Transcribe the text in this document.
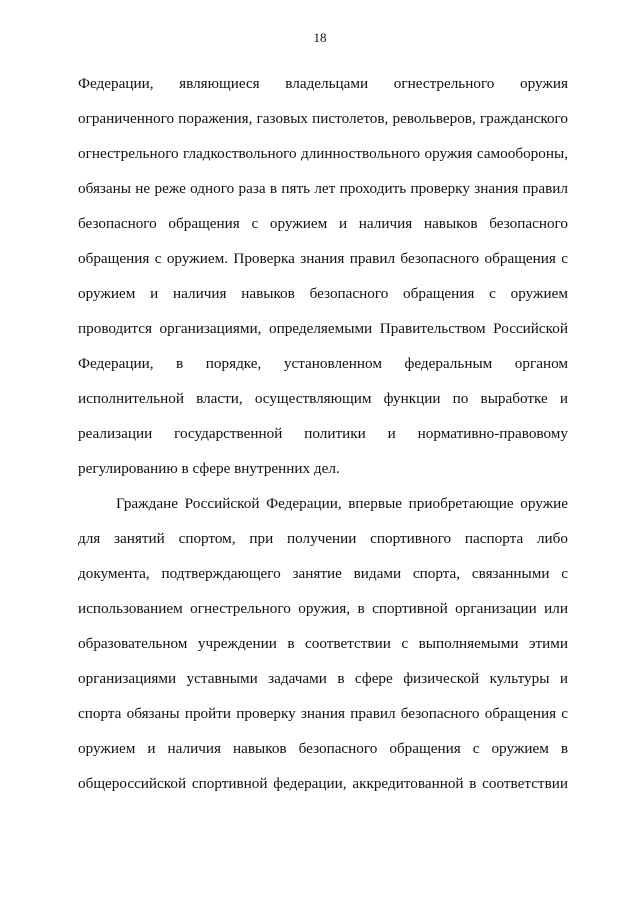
18
Федерации, являющиеся владельцами огнестрельного оружия
ограниченного поражения, газовых пистолетов, револьверов, гражданского
огнестрельного гладкоствольного длинноствольного оружия самообороны,
обязаны не реже одного раза в пять лет проходить проверку знания правил
безопасного обращения с оружием и наличия навыков безопасного
обращения с оружием. Проверка знания правил безопасного обращения с
оружием и наличия навыков безопасного обращения с оружием
проводится организациями, определяемыми Правительством Российской
Федерации, в порядке, установленном федеральным органом
исполнительной власти, осуществляющим функции по выработке и
реализации государственной политики и нормативно-правовому
регулированию в сфере внутренних дел.
Граждане Российской Федерации, впервые приобретающие оружие
для занятий спортом, при получении спортивного паспорта либо
документа, подтверждающего занятие видами спорта, связанными с
использованием огнестрельного оружия, в спортивной организации или
образовательном учреждении в соответствии с выполняемыми этими
организациями уставными задачами в сфере физической культуры и
спорта обязаны пройти проверку знания правил безопасного обращения с
оружием и наличия навыков безопасного обращения с оружием в
общероссийской спортивной федерации, аккредитованной в соответствии
